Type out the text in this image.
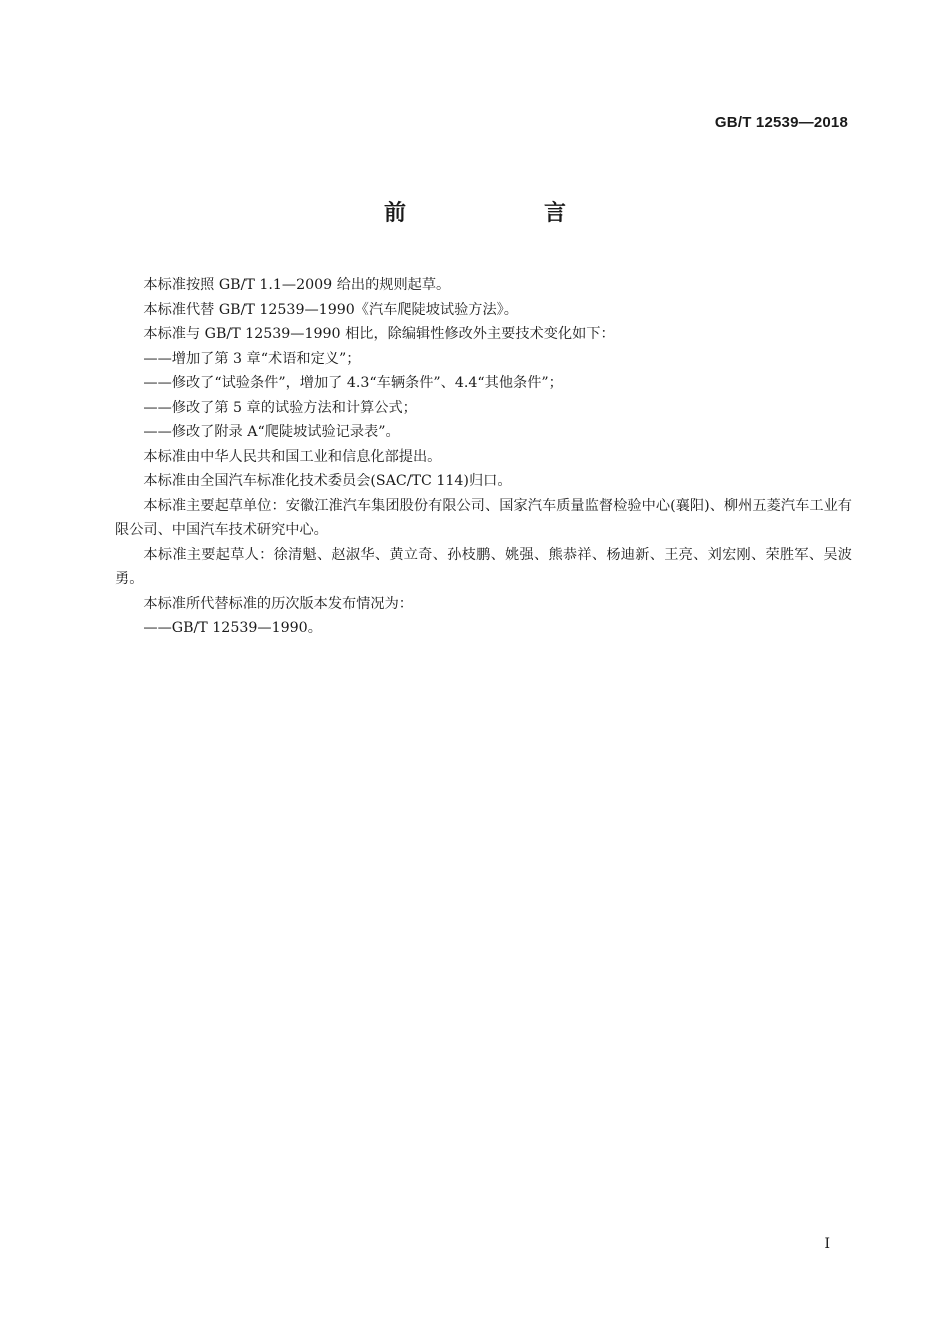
GB/T 12539—2018
前　言

本标准按照 GB/T 1.1—2009 给出的规则起草。

本标准代替 GB/T 12539—1990《汽车爬陡坡试验方法》。

本标准与 GB/T 12539—1990 相比，除编辑性修改外主要技术变化如下：

——增加了第 3 章“术语和定义”；

——修改了“试验条件”，增加了 4.3“车辆条件”、4.4“其他条件”；

——修改了第 5 章的试验方法和计算公式；

——修改了附录 A“爬陡坡试验记录表”。

本标准由中华人民共和国工业和信息化部提出。

本标准由全国汽车标准化技术委员会(SAC/TC 114)归口。

本标准主要起草单位：安徽江淮汽车集团股份有限公司、国家汽车质量监督检验中心(襄阳)、柳州五菱汽车工业有限公司、中国汽车技术研究中心。

本标准主要起草人：徐清魁、赵淑华、黄立奇、孙枝鹏、姚强、熊恭祥、杨迪新、王亮、刘宏刚、荣胜军、吴波勇。

本标准所代替标准的历次版本发布情况为：

——GB/T 12539—1990。

I
